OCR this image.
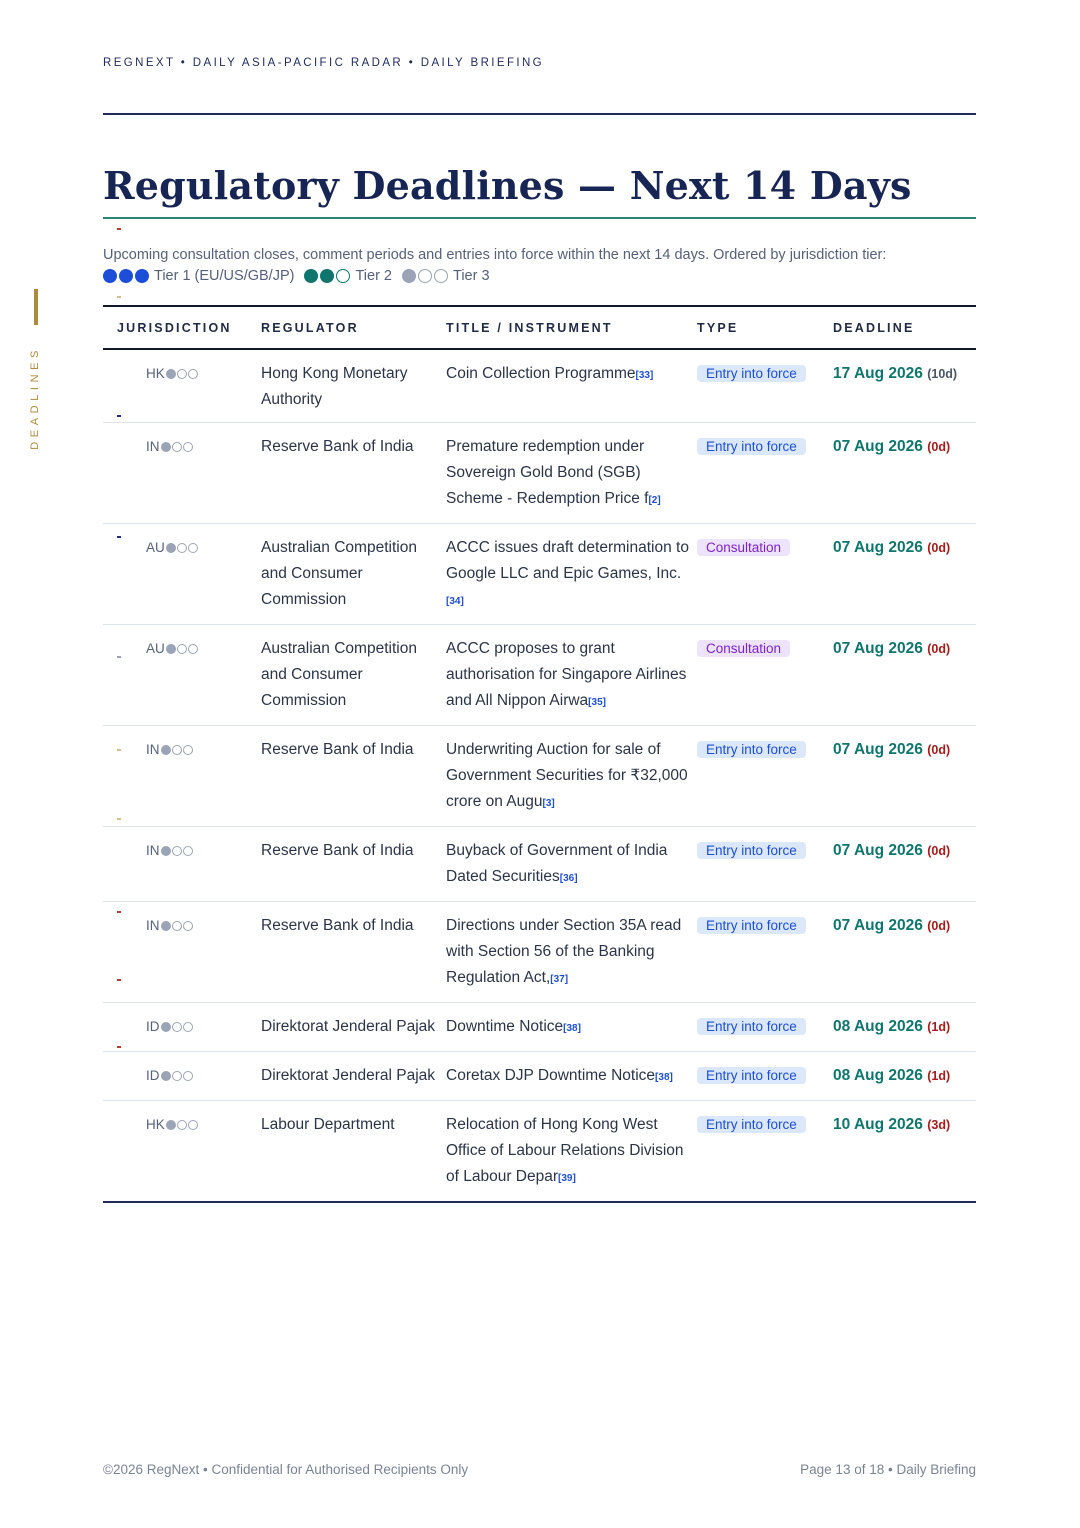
REGNEXT • DAILY ASIA-PACIFIC RADAR • DAILY BRIEFING
DEADLINES
Regulatory Deadlines — Next 14 Days

Upcoming consultation closes, comment periods and entries into force within the next 14 days. Ordered by jurisdiction tier:

Tier 1 (EU/US/GB/JP)	Tier 2	Tier 3
JURISDICTION	REGULATOR	TITLE / INSTRUMENT	TYPE	DEADLINE

HK	Hong Kong Monetary Authority	Coin Collection Programme[33]	Entry into force	17 Aug 2026 (10d)

IN	Reserve Bank of India	Premature redemption under Sovereign Gold Bond (SGB) Scheme - Redemption Price f[2]	Entry into force	07 Aug 2026 (0d)

AU	Australian Competition and Consumer Commission	ACCC issues draft determination to Google LLC and Epic Games, Inc.[34]	Consultation	07 Aug 2026 (0d)

AU	Australian Competition and Consumer Commission	ACCC proposes to grant authorisation for Singapore Airlines and All Nippon Airwa[35]	Consultation	07 Aug 2026 (0d)

IN	Reserve Bank of India	Underwriting Auction for sale of Government Securities for ₹32,000 crore on Augu[3]	Entry into force	07 Aug 2026 (0d)

IN	Reserve Bank of India	Buyback of Government of India Dated Securities[36]	Entry into force	07 Aug 2026 (0d)

IN	Reserve Bank of India	Directions under Section 35A read with Section 56 of the Banking Regulation Act,[37]	Entry into force	07 Aug 2026 (0d)

ID	Direktorat Jenderal Pajak	Downtime Notice[38]	Entry into force	08 Aug 2026 (1d)

ID	Direktorat Jenderal Pajak	Coretax DJP Downtime Notice[38]	Entry into force	08 Aug 2026 (1d)

HK	Labour Department	Relocation of Hong Kong West Office of Labour Relations Division of Labour Depar[39]	Entry into force	10 Aug 2026 (3d)
©2026 RegNext • Confidential for Authorised Recipients Only	Page 13 of 18 • Daily Briefing
